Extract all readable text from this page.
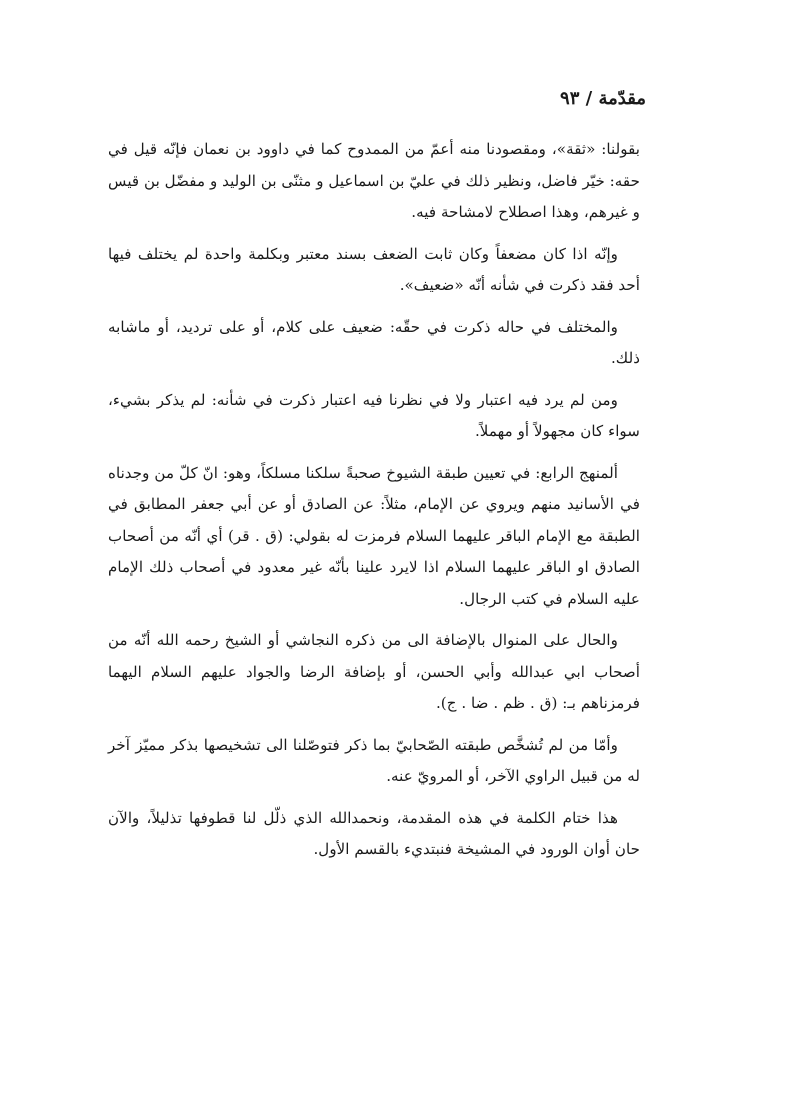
مقدّمة / ٩٣

بقولنا: «ثقة»، ومقصودنا منه أعمّ من الممدوح كما في داوود بن نعمان فإنّه قيل في حقه: خيّر فاضل، ونظير ذلك في عليّ بن اسماعيل و مثنّى بن الوليد و مفضّل بن قيس و غيرهم، وهذا اصطلاح لامشاحة فيه.

وإنّه اذا كان مضعفاً وكان ثابت الضعف بسند معتبر وبكلمة واحدة لم يختلف فيها أحد فقد ذكرت في شأنه أنّه «ضعيف».

والمختلف في حاله ذكرت في حقّه: ضعيف على كلام، أو على ترديد، أو ماشابه ذلك.

ومن لم يرد فيه اعتبار ولا في نظرنا فيه اعتبار ذكرت في شأنه: لم يذكر بشيء، سواء كان مجهولاً أو مهملاً.

ألمنهج الرابع: في تعيين طبقة الشيوخ صحبةً سلكنا مسلكاً، وهو: انّ كلّ من وجدناه في الأسانيد منهم ويروي عن الإمام، مثلاً: عن الصادق أو عن أبي جعفر المطابق في الطبقة مع الإمام الباقر عليهما السلام فرمزت له بقولي: (ق . قر) أي أنّه من أصحاب الصادق او الباقر عليهما السلام اذا لايرد علينا بأنّه غير معدود في أصحاب ذلك الإمام عليه السلام في كتب الرجال.

والحال على المنوال بالإضافة الى من ذكره النجاشي أو الشيخ رحمه الله أنّه من أصحاب ابي عبدالله وأبي الحسن، أو بإضافة الرضا والجواد عليهم السلام اليهما فرمزناهم بـ: (ق . ظم . ضا . ج).

وأمّا من لم تُشخَّص طبقته الصّحابيّ بما ذكر فتوصّلنا الى تشخيصها بذكر مميّز آخر له من قبيل الراوي الآخر، أو المرويّ عنه.

هذا ختام الكلمة في هذه المقدمة، ونحمدالله الذي ذلّل لنا قطوفها تذليلاً، والآن حان أوان الورود في المشيخة فنبتديء بالقسم الأول.
